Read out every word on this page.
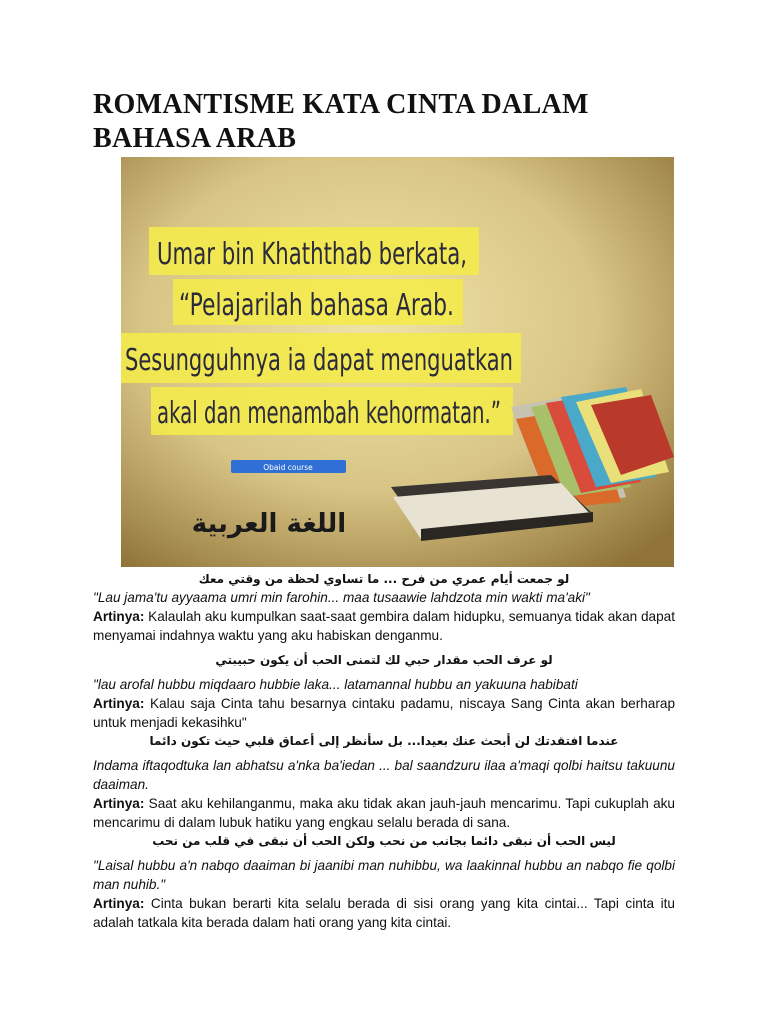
ROMANTISME KATA CINTA DALAM
BAHASA ARAB
Umar bin Khaththab berkata,
“Pelajarilah bahasa Arab.
Sesungguhnya ia dapat menguatkan
akal dan menambah kehormatan.”
Obaid course
اللغة العربية

لو جمعت أيام عمري من فرح ... ما تساوي لحظة من وقتي معك

"Lau jama'tu ayyaama umri min farohin... maa tusaawie lahdzota min wakti ma'aki"

Artinya: Kalaulah aku kumpulkan saat-saat gembira dalam hidupku, semuanya tidak akan dapat menyamai indahnya waktu yang aku habiskan denganmu.

لو عرف الحب مقدار حبي لك لتمنى الحب أن يكون حبيبتي

"lau arofal hubbu miqdaaro hubbie laka... latamannal hubbu an yakuuna habibati

Artinya: Kalau saja Cinta tahu besarnya cintaku padamu, niscaya Sang Cinta akan berharap untuk menjadi kekasihku"

عندما افتقدتك لن أبحث عنك بعيدا... بل سأنظر إلى أعماق قلبي حيث تكون دائما

Indama iftaqodtuka lan abhatsu a'nka ba'iedan ... bal saandzuru ilaa a'maqi qolbi haitsu takuunu daaiman.

Artinya: Saat aku kehilanganmu, maka aku tidak akan jauh-jauh mencarimu. Tapi cukuplah aku mencarimu di dalam lubuk hatiku yang engkau selalu berada di sana.

ليس الحب أن نبقى دائما بجانب من نحب ولكن الحب أن نبقى في قلب من نحب

"Laisal hubbu a'n nabqo daaiman bi jaanibi man nuhibbu, wa laakinnal hubbu an nabqo fie qolbi man nuhib."

Artinya: Cinta bukan berarti kita selalu berada di sisi orang yang kita cintai... Tapi cinta itu adalah tatkala kita berada dalam hati orang yang kita cintai.
